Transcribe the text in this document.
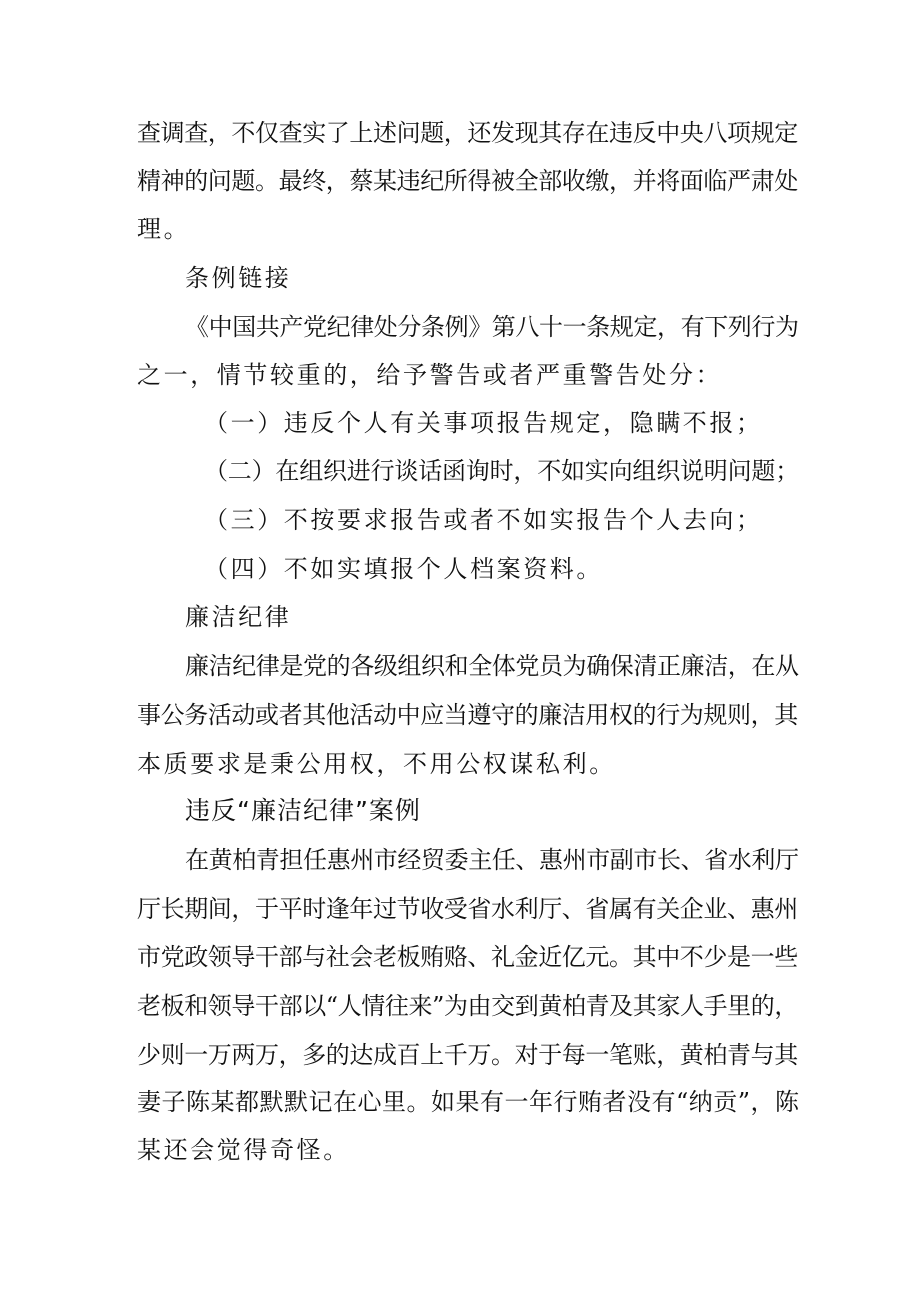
查调查，不仅查实了上述问题，还发现其存在违反中央八项规定
精神的问题。最终，蔡某违纪所得被全部收缴，并将面临严肃处
理。
条例链接
《中国共产党纪律处分条例》第八十一条规定，有下列行为
之一，情节较重的，给予警告或者严重警告处分：
（一）违反个人有关事项报告规定，隐瞒不报；
（二）在组织进行谈话函询时，不如实向组织说明问题；
（三）不按要求报告或者不如实报告个人去向；
（四）不如实填报个人档案资料。
廉洁纪律
廉洁纪律是党的各级组织和全体党员为确保清正廉洁，在从
事公务活动或者其他活动中应当遵守的廉洁用权的行为规则，其
本质要求是秉公用权，不用公权谋私利。
违反“廉洁纪律”案例
在黄柏青担任惠州市经贸委主任、惠州市副市长、省水利厅
厅长期间，于平时逢年过节收受省水利厅、省属有关企业、惠州
市党政领导干部与社会老板贿赂、礼金近亿元。其中不少是一些
老板和领导干部以“人情往来”为由交到黄柏青及其家人手里的，
少则一万两万，多的达成百上千万。对于每一笔账，黄柏青与其
妻子陈某都默默记在心里。如果有一年行贿者没有“纳贡”，陈
某还会觉得奇怪。
